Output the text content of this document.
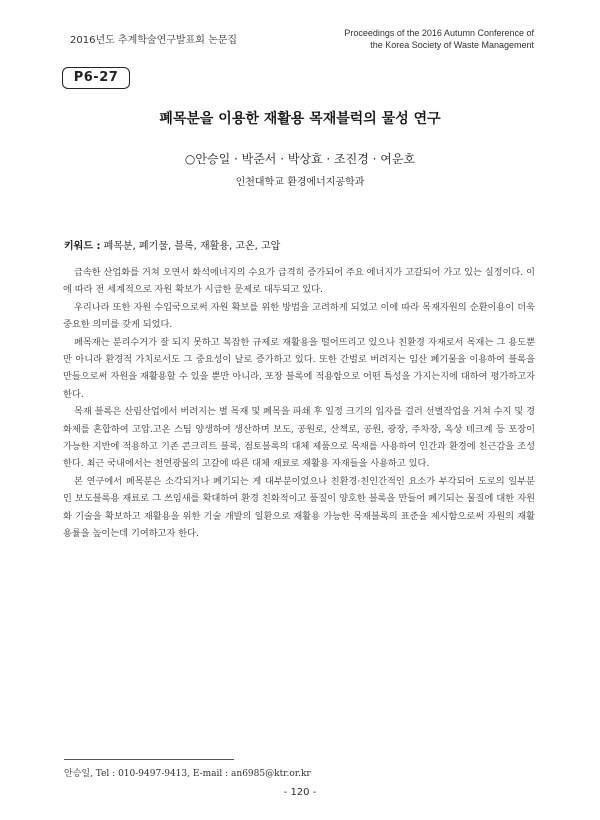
2016년도 추계학술연구발표회 논문집
Proceedings of the 2016 Autumn Conference of
the Korea Society of Waste Management
P6-27
폐목분을 이용한 재활용 목재블럭의 물성 연구
○안승일 · 박준서 · 박상효 · 조진경 · 여운호
인천대학교 환경에너지공학과
키워드 : 폐목분, 폐기물, 블록, 재활용, 고온, 고압

급속한 산업화를 거쳐 오면서 화석에너지의 수요가 급격히 증가되어 주요 에너지가 고갈되어 가고 있는 실정이다. 이에 따라 전 세계적으로 자원 확보가 시급한 문제로 대두되고 있다.

우리나라 또한 자원 수입국으로써 자원 확보를 위한 방법을 고려하게 되었고 이에 따라 목재자원의 순환이용이 더욱 중요한 의미를 갖게 되었다.

폐목재는 분리수거가 잘 되지 못하고 복잡한 규제로 재활용을 떨어뜨리고 있으나 친환경 자재로서 목재는 그 용도뿐만 아니라 환경적 가치로서도 그 중요성이 날로 증가하고 있다. 또한 간벌로 버려지는 임산 폐기물을 이용하여 블록을 만들으로써 자원을 재활용할 수 있을 뿐만 아니라, 포장 블록에 적용함으로 어떤 특성을 가지는지에 대하여 평가하고자 한다.

목재 블록은 산림산업에서 버려지는 별 목재 및 폐목을 파쇄 후 일정 크기의 입자를 걸러 선별작업을 거쳐 수지 및 경화제를 혼합하여 고압.고온 스팀 양생하여 생산하며 보도, 공원로, 산책로, 공원, 광장, 주차장, 옥상 테크계 등 포장이 가능한 지반에 적용하고 기존 콘크리트 블록, 점토블록의 대체 제품으로 목재를 사용하여 인간과 환경에 친근감을 조성한다. 최근 국내에서는 천연광물의 고갈에 따른 대체 재료로 재활용 자재들을 사용하고 있다.

본 연구에서 폐목분은 소각되거나 폐기되는 게 대부분이었으나 친환경·친인간적인 요소가 부각되어 도로의 일부분인 보도블록용 재료로 그 쓰임새를 확대하여 환경 친화적이고 품질이 양호한 블록을 만들어 폐기되는 물질에 대한 자원화 기술을 확보하고 재활용을 위한 기술 개발의 일환으로 재활용 가능한 목재블록의 표준을 제시함으로써 자원의 재활용률을 높이는데 기여하고자 한다.

안승일, Tel : 010-9497-9413, E-mail : an6985@ktr.or.kr
- 120 -
